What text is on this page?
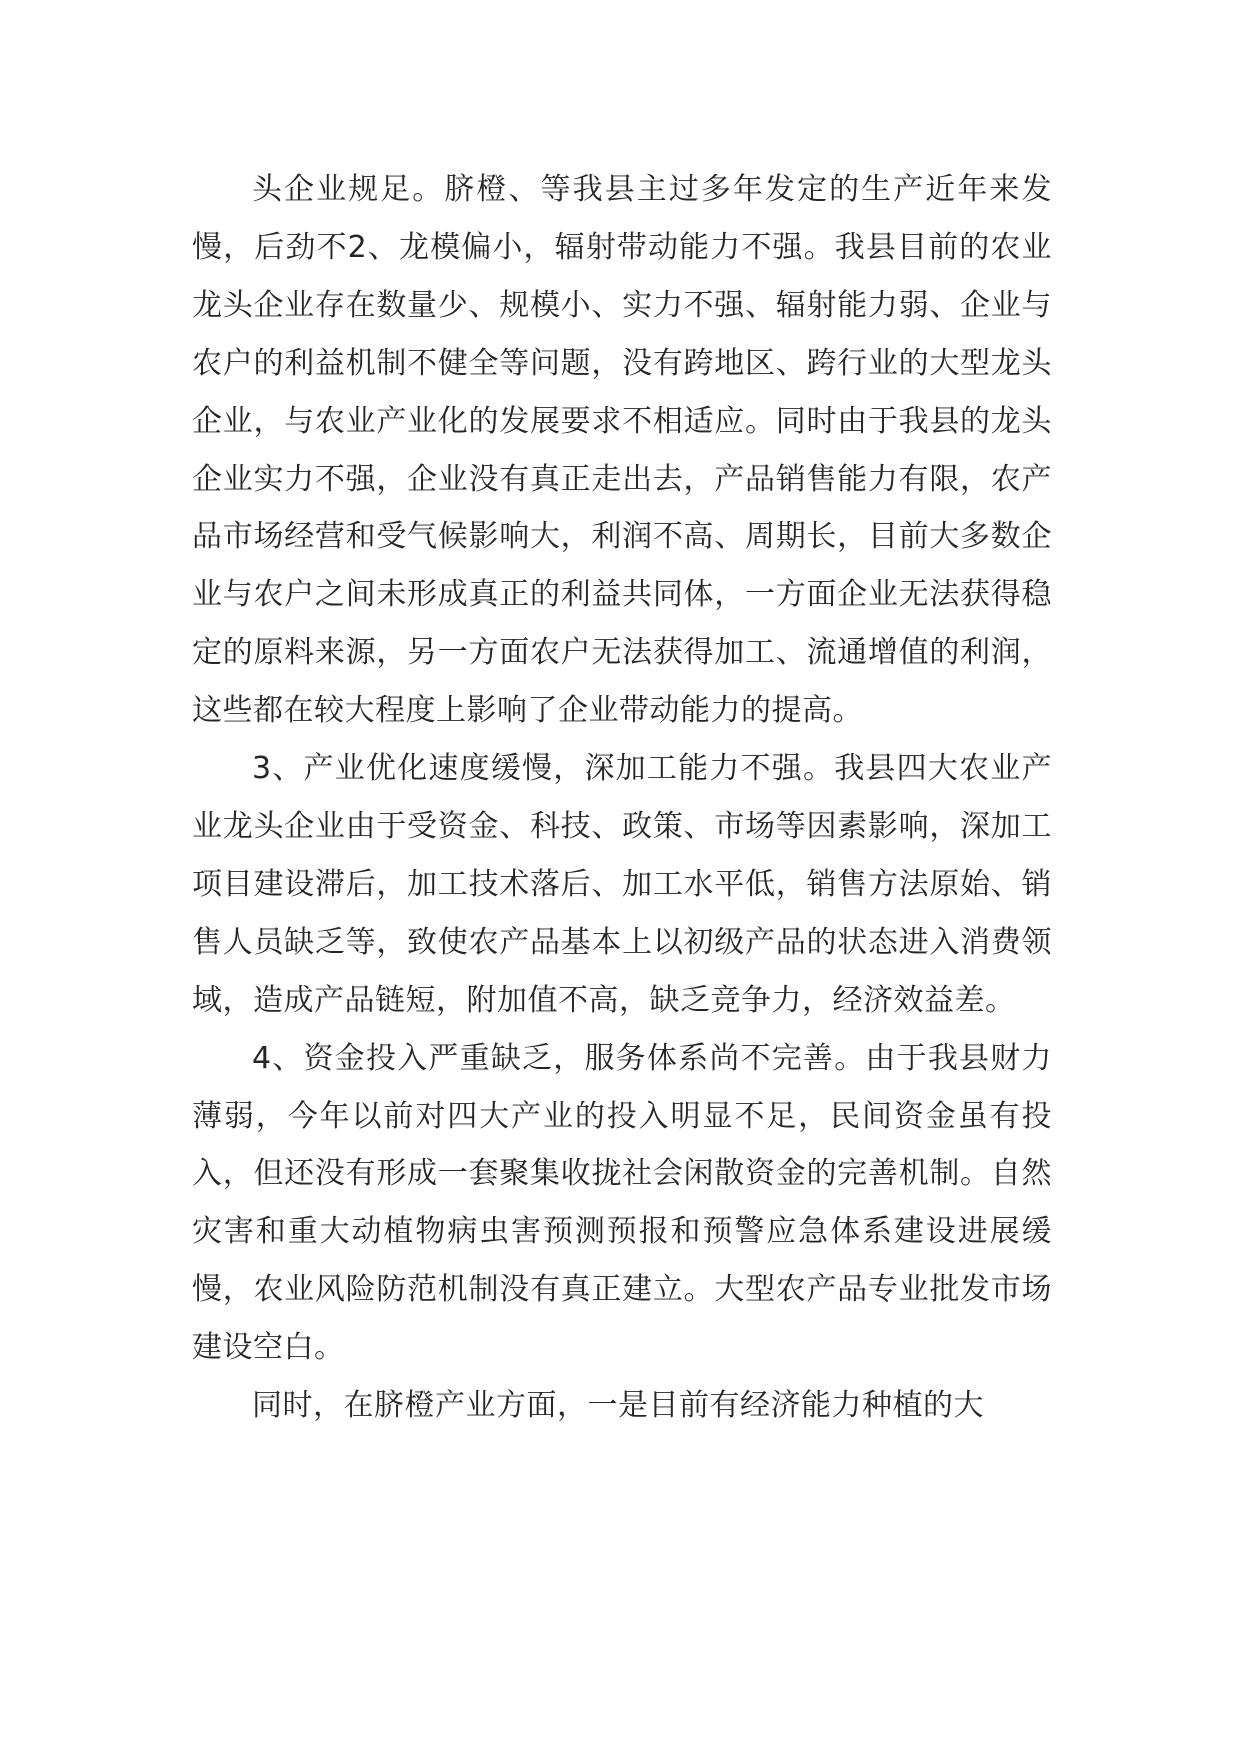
头企业规足。脐橙、等我县主过多年发定的生产近年来发慢，后劲不2、龙模偏小，辐射带动能力不强。我县目前的农业龙头企业存在数量少、规模小、实力不强、辐射能力弱、企业与农户的利益机制不健全等问题，没有跨地区、跨行业的大型龙头企业，与农业产业化的发展要求不相适应。同时由于我县的龙头企业实力不强，企业没有真正走出去，产品销售能力有限，农产品市场经营和受气候影响大，利润不高、周期长，目前大多数企业与农户之间未形成真正的利益共同体，一方面企业无法获得稳定的原料来源，另一方面农户无法获得加工、流通增值的利润，这些都在较大程度上影响了企业带动能力的提高。

3、产业优化速度缓慢，深加工能力不强。我县四大农业产业龙头企业由于受资金、科技、政策、市场等因素影响，深加工项目建设滞后，加工技术落后、加工水平低，销售方法原始、销售人员缺乏等，致使农产品基本上以初级产品的状态进入消费领域，造成产品链短，附加值不高，缺乏竞争力，经济效益差。

4、资金投入严重缺乏，服务体系尚不完善。由于我县财力薄弱，今年以前对四大产业的投入明显不足，民间资金虽有投入，但还没有形成一套聚集收拢社会闲散资金的完善机制。自然灾害和重大动植物病虫害预测预报和预警应急体系建设进展缓慢，农业风险防范机制没有真正建立。大型农产品专业批发市场建设空白。

同时，在脐橙产业方面，一是目前有经济能力种植的大
